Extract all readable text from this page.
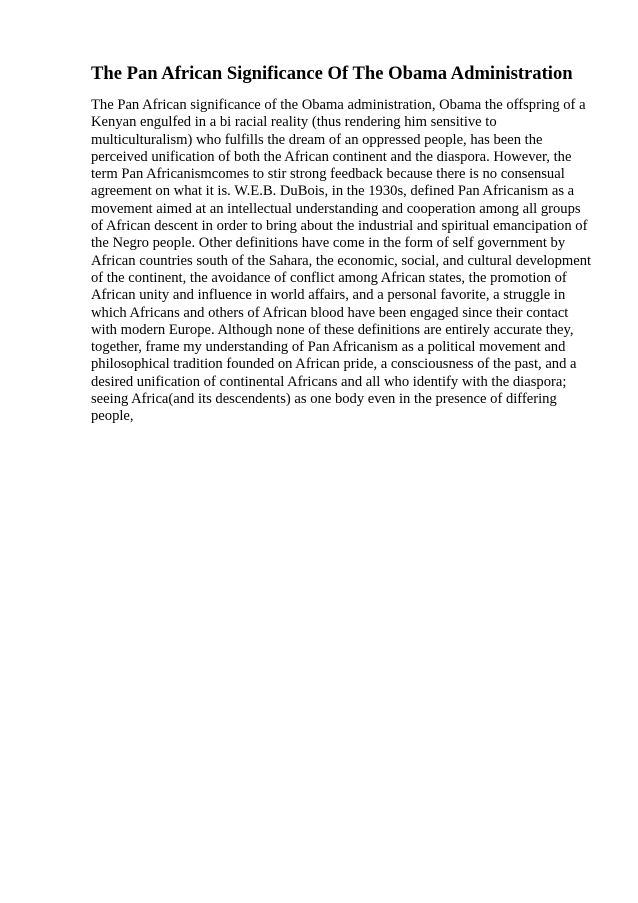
The Pan African Significance Of The Obama Administration

The Pan African significance of the Obama administration, Obama the offspring of a
Kenyan engulfed in a bi racial reality (thus rendering him sensitive to
multiculturalism) who fulfills the dream of an oppressed people, has been the
perceived unification of both the African continent and the diaspora. However, the
term Pan Africanismcomes to stir strong feedback because there is no consensual
agreement on what it is. W.E.B. DuBois, in the 1930s, defined Pan Africanism as a
movement aimed at an intellectual understanding and cooperation among all groups
of African descent in order to bring about the industrial and spiritual emancipation of
the Negro people. Other definitions have come in the form of self government by
African countries south of the Sahara, the economic, social, and cultural development
of the continent, the avoidance of conflict among African states, the promotion of
African unity and influence in world affairs, and a personal favorite, a struggle in
which Africans and others of African blood have been engaged since their contact
with modern Europe. Although none of these definitions are entirely accurate they,
together, frame my understanding of Pan Africanism as a political movement and
philosophical tradition founded on African pride, a consciousness of the past, and a
desired unification of continental Africans and all who identify with the diaspora;
seeing Africa(and its descendents) as one body even in the presence of differing
people,
